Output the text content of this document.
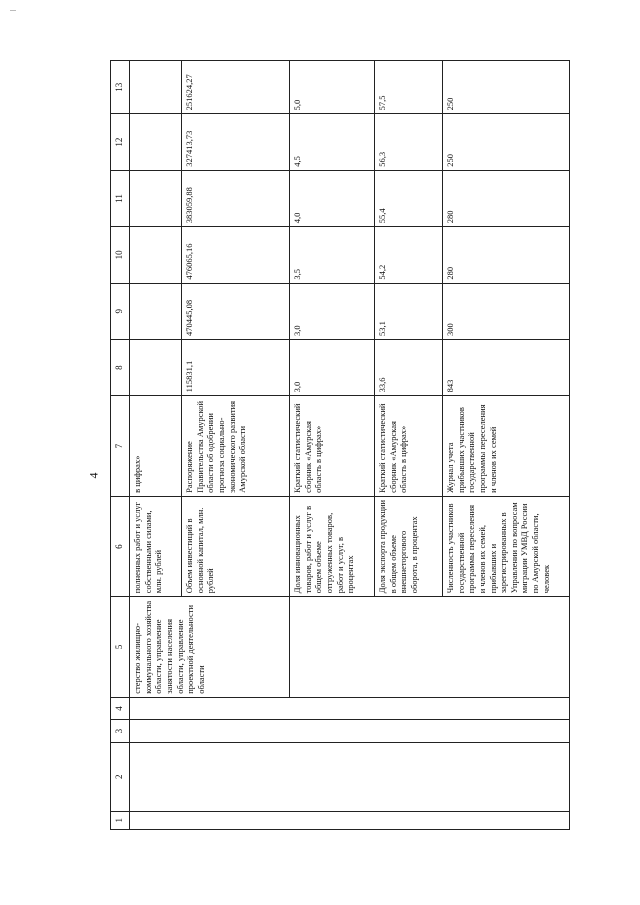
4
1	2	3	4	5	6	7	8	9	10	11	12	13
				стерство жилищно-коммунального хозяйства области, управление занятости населения области, управление проектной деятельности области	полненных работ и услуг собственными силами, млн. рублей	в цифрах»						
					Объем инвестиций в основной капитал, млн. рублей	Распоряжение Правительства Амурской области об одобрении прогноза социально-экономического развития Амурской области	115831,1	470445,08	476065,16	383059,88	327413,73	251624,27
					Доля инновационных товаров, работ и услуг в общем объеме отгруженных товаров, работ и услуг, в процентах	Краткий статистический сборник «Амурская область в цифрах»	3,0	3,0	3,5	4,0	4,5	5,0
					Доля экспорта продукции в общем объеме внешнеторгового оборота, в процентах	Краткий статистический сборник «Амурская область в цифрах»	33,6	53,1	54,2	55,4	56,3	57,5
					Численность участников государственной программы переселения и членов их семей, прибывших и зарегистрированных в Управлении по вопросам миграции УМВД России по Амурской области, человек	Журнал учета прибывших участников государственной программы переселения и членов их семей	843	300	280	280	250	250
